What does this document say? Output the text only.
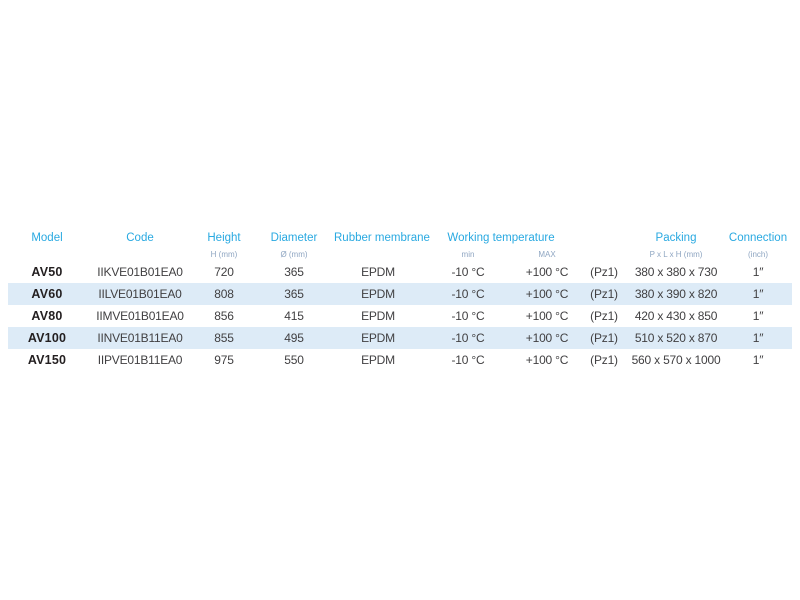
Model	Code	Height	Diameter	Rubber membrane	Working temperature			Packing	Connection
		H (mm)	Ø (mm)		min	MAX		P x L x H (mm)	(inch)
AV50	IIKVE01B01EA0	720	365	EPDM	-10 °C	+100 °C	(Pz1)	380 x 380 x 730	1″
AV60	IILVE01B01EA0	808	365	EPDM	-10 °C	+100 °C	(Pz1)	380 x 390 x 820	1″
AV80	IIMVE01B01EA0	856	415	EPDM	-10 °C	+100 °C	(Pz1)	420 x 430 x 850	1″
AV100	IINVE01B11EA0	855	495	EPDM	-10 °C	+100 °C	(Pz1)	510 x 520 x 870	1″
AV150	IIPVE01B11EA0	975	550	EPDM	-10 °C	+100 °C	(Pz1)	560 x 570 x 1000	1″
